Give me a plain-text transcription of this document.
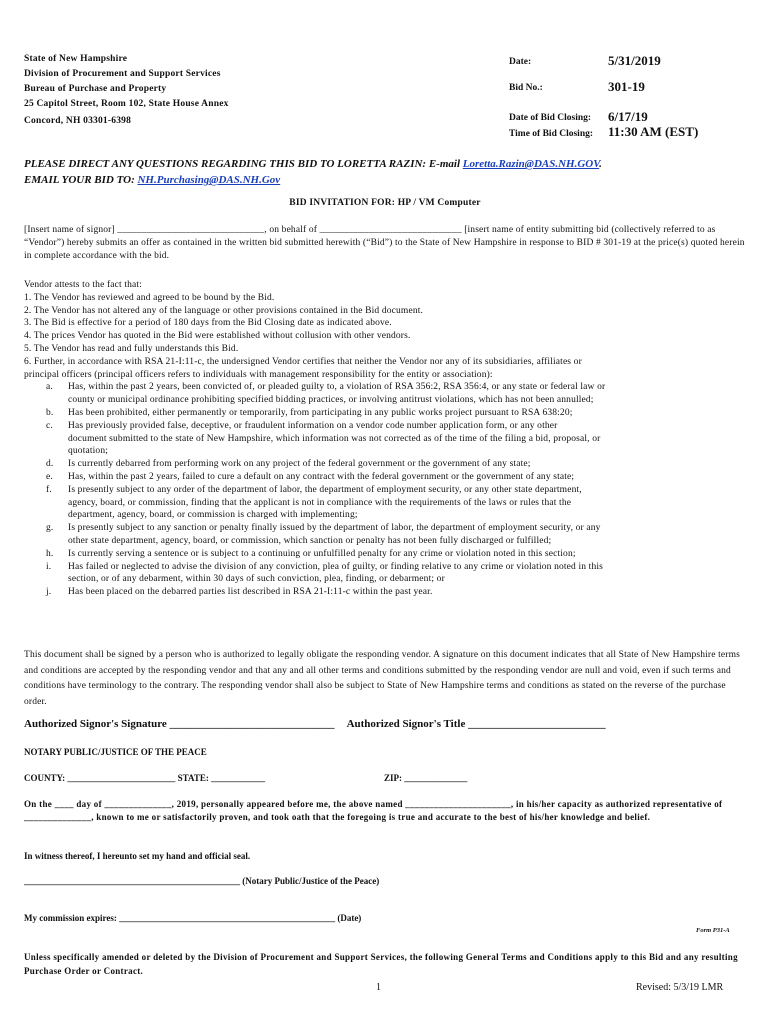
State of New Hampshire
Division of Procurement and Support Services
Bureau of Purchase and Property
25 Capitol Street, Room 102, State House Annex
Concord, NH 03301-6398
Date:	5/31/2019
Bid No.:	301-19
Date of Bid Closing: 6/17/19
Time of Bid Closing: 11:30 AM (EST)
PLEASE DIRECT ANY QUESTIONS REGARDING THIS BID TO LORETTA RAZIN: E-mail Loretta.Razin@DAS.NH.GOV.
EMAIL YOUR BID TO: NH.Purchasing@DAS.NH.Gov
BID INVITATION FOR: HP / VM Computer
[Insert name of signor] ______________________________, on behalf of _____________________________ [insert name of entity submitting bid (collectively referred to as “Vendor”) hereby submits an offer as contained in the written bid submitted herewith (“Bid”) to the State of New Hampshire in response to BID # 301-19 at the price(s) quoted herein in complete accordance with the bid.
Vendor attests to the fact that:
1. The Vendor has reviewed and agreed to be bound by the Bid.
2. The Vendor has not altered any of the language or other provisions contained in the Bid document.
3. The Bid is effective for a period of 180 days from the Bid Closing date as indicated above.
4. The prices Vendor has quoted in the Bid were established without collusion with other vendors.
5. The Vendor has read and fully understands this Bid.
6. Further, in accordance with RSA 21-I:11-c, the undersigned Vendor certifies that neither the Vendor nor any of its subsidiaries, affiliates or
principal officers (principal officers refers to individuals with management responsibility for the entity or association):
a. Has, within the past 2 years, been convicted of, or pleaded guilty to, a violation of RSA 356:2, RSA 356:4, or any state or federal law or
county or municipal ordinance prohibiting specified bidding practices, or involving antitrust violations, which has not been annulled;
b. Has been prohibited, either permanently or temporarily, from participating in any public works project pursuant to RSA 638:20;
c. Has previously provided false, deceptive, or fraudulent information on a vendor code number application form, or any other
document submitted to the state of New Hampshire, which information was not corrected as of the time of the filing a bid, proposal, or
quotation;
d. Is currently debarred from performing work on any project of the federal government or the government of any state;
e. Has, within the past 2 years, failed to cure a default on any contract with the federal government or the government of any state;
f. Is presently subject to any order of the department of labor, the department of employment security, or any other state department,
agency, board, or commission, finding that the applicant is not in compliance with the requirements of the laws or rules that the
department, agency, board, or commission is charged with implementing;
g. Is presently subject to any sanction or penalty finally issued by the department of labor, the department of employment security, or any
other state department, agency, board, or commission, which sanction or penalty has not been fully discharged or fulfilled;
h. Is currently serving a sentence or is subject to a continuing or unfulfilled penalty for any crime or violation noted in this section;
i. Has failed or neglected to advise the division of any conviction, plea of guilty, or finding relative to any crime or violation noted in this
section, or of any debarment, within 30 days of such conviction, plea, finding, or debarment; or
j. Has been placed on the debarred parties list described in RSA 21-I:11-c within the past year.
This document shall be signed by a person who is authorized to legally obligate the responding vendor. A signature on this document indicates that all State of New Hampshire terms and conditions are accepted by the responding vendor and that any and all other terms and conditions submitted by the responding vendor are null and void, even if such terms and conditions have terminology to the contrary. The responding vendor shall also be subject to State of New Hampshire terms and conditions as stated on the reverse of the purchase order.
Authorized Signor's Signature ______________________________ Authorized Signor's Title _________________________
NOTARY PUBLIC/JUSTICE OF THE PEACE
COUNTY: ________________________ STATE: ____________	ZIP: ______________
On the ____ day of ______________, 2019, personally appeared before me, the above named ______________________, in his/her capacity as authorized representative of ______________, known to me or satisfactorily proven, and took oath that the foregoing is true and accurate to the best of his/her knowledge and belief.
In witness thereof, I hereunto set my hand and official seal.
________________________________________________ (Notary Public/Justice of the Peace)
My commission expires: ________________________________________________ (Date)
Form P31-A
Unless specifically amended or deleted by the Division of Procurement and Support Services, the following General Terms and Conditions apply to this Bid and any resulting Purchase Order or Contract.
1	Revised: 5/3/19 LMR
